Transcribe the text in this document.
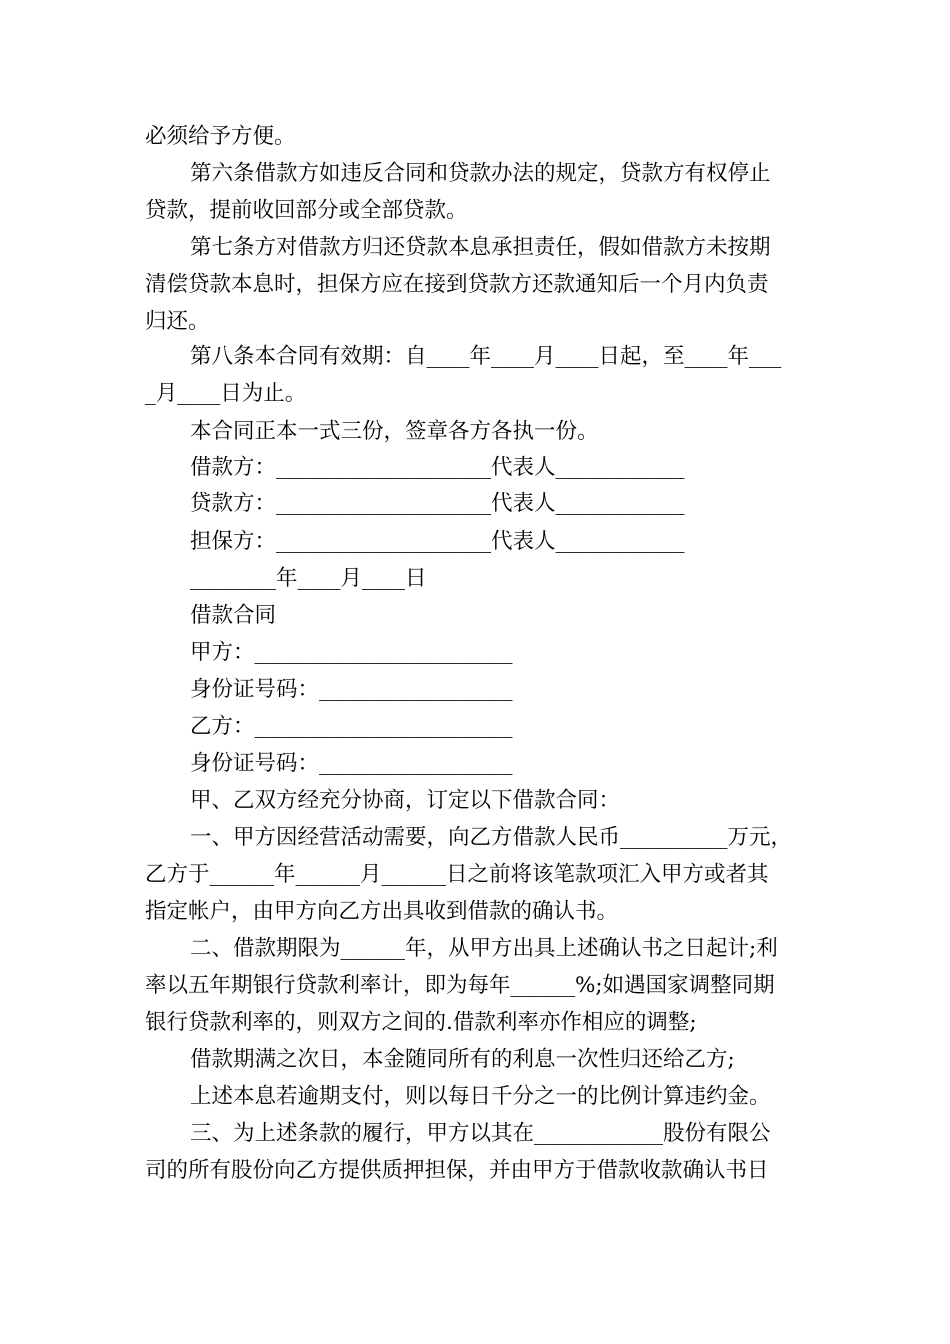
必须给予方便。
第六条借款方如违反合同和贷款办法的规定，贷款方有权停止
贷款，提前收回部分或全部贷款。
第七条方对借款方归还贷款本息承担责任，假如借款方未按期
清偿贷款本息时，担保方应在接到贷款方还款通知后一个月内负责
归还。
第八条本合同有效期：自____年____月____日起，至____年___
_月____日为止。
本合同正本一式三份，签章各方各执一份。
借款方：____________________代表人____________
贷款方：____________________代表人____________
担保方：____________________代表人____________
________年____月____日
借款合同
甲方：________________________
身份证号码：__________________
乙方：________________________
身份证号码：__________________
甲、乙双方经充分协商，订定以下借款合同：
一、甲方因经营活动需要，向乙方借款人民币__________万元，
乙方于______年______月______日之前将该笔款项汇入甲方或者其
指定帐户，由甲方向乙方出具收到借款的确认书。
二、借款期限为______年，从甲方出具上述确认书之日起计;利
率以五年期银行贷款利率计，即为每年______%;如遇国家调整同期
银行贷款利率的，则双方之间的.借款利率亦作相应的调整;
借款期满之次日，本金随同所有的利息一次性归还给乙方;
上述本息若逾期支付，则以每日千分之一的比例计算违约金。
三、为上述条款的履行，甲方以其在____________股份有限公
司的所有股份向乙方提供质押担保，并由甲方于借款收款确认书日
